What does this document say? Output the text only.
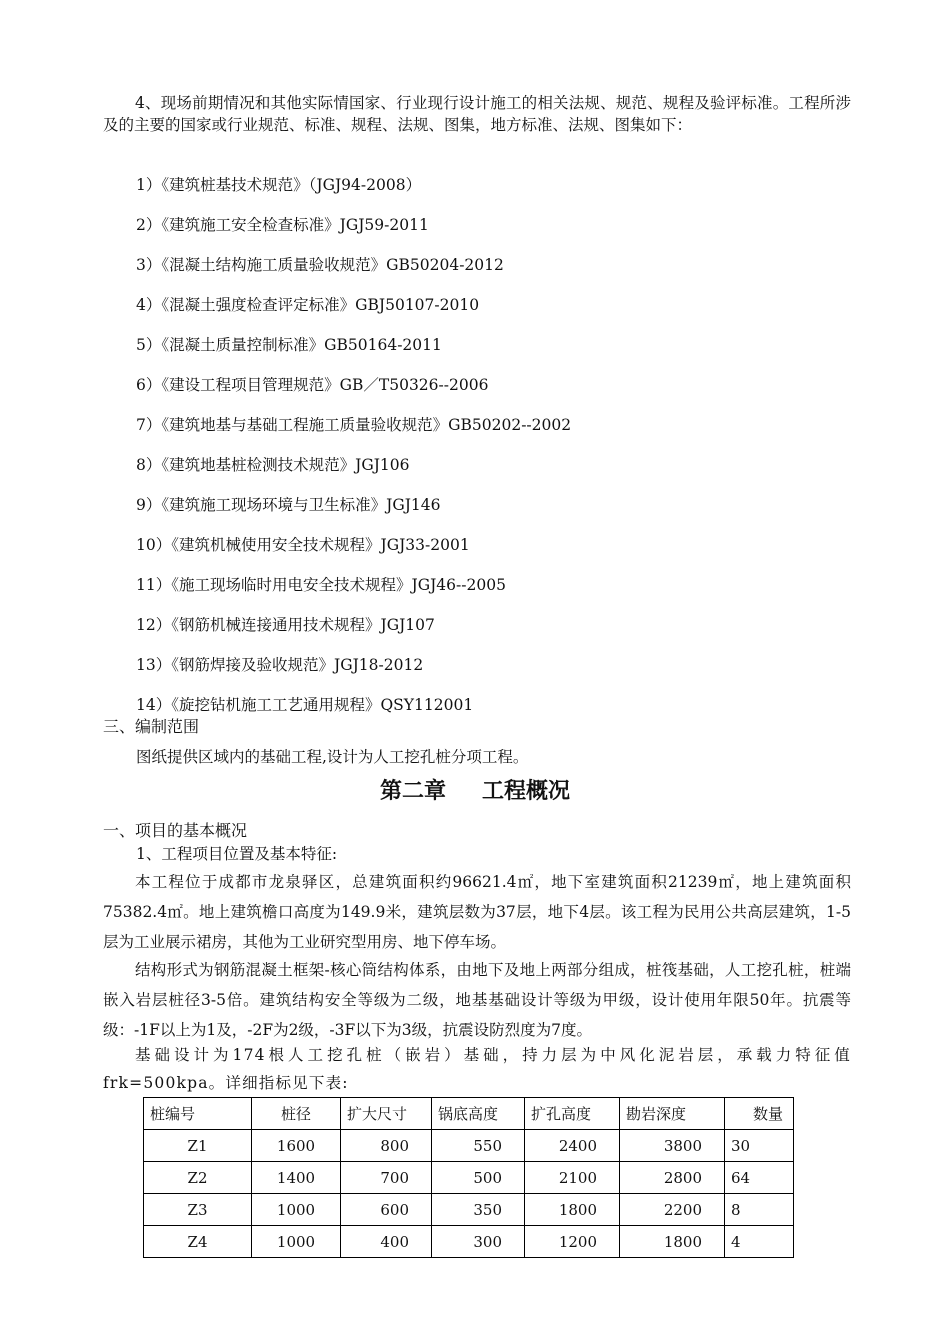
4、现场前期情况和其他实际情国家、行业现行设计施工的相关法规、规范、规程及验评标准。工程所涉及的主要的国家或行业规范、标准、规程、法规、图集，地方标准、法规、图集如下：
1）《建筑桩基技术规范》（JGJ94-2008）
2）《建筑施工安全检查标准》JGJ59-2011
3）《混凝土结构施工质量验收规范》GB50204-2012
4）《混凝土强度检查评定标准》GBJ50107-2010
5）《混凝土质量控制标准》GB50164-2011
6）《建设工程项目管理规范》GB／T50326--2006
7）《建筑地基与基础工程施工质量验收规范》GB50202--2002
8）《建筑地基桩检测技术规范》JGJ106
9）《建筑施工现场环境与卫生标准》JGJ146
10）《建筑机械使用安全技术规程》JGJ33-2001
11）《施工现场临时用电安全技术规程》JGJ46--2005
12）《钢筋机械连接通用技术规程》JGJ107
13）《钢筋焊接及验收规范》JGJ18-2012
14）《旋挖钻机施工工艺通用规程》QSY112001
三、编制范围
图纸提供区域内的基础工程,设计为人工挖孔桩分项工程。
第二章 工程概况
一、项目的基本概况
1、工程项目位置及基本特征:
本工程位于成都市龙泉驿区，总建筑面积约96621.4㎡，地下室建筑面积21239㎡，地上建筑面积75382.4㎡。地上建筑檐口高度为149.9米，建筑层数为37层，地下4层。该工程为民用公共高层建筑，1-5层为工业展示裙房，其他为工业研究型用房、地下停车场。
结构形式为钢筋混凝土框架-核心筒结构体系，由地下及地上两部分组成，桩筏基础，人工挖孔桩，桩端嵌入岩层桩径3-5倍。建筑结构安全等级为二级，地基基础设计等级为甲级，设计使用年限50年。抗震等级：-1F以上为1及，-2F为2级，-3F以下为3级，抗震设防烈度为7度。
基础设计为174根人工挖孔桩（嵌岩）基础，持力层为中风化泥岩层，承载力特征值frk=500kpa。详细指标见下表:
桩编号	桩径	扩大尺寸	锅底高度	扩孔高度	勘岩深度	数量
Z1	1600	800	550	2400	3800	30
Z2	1400	700	500	2100	2800	64
Z3	1000	600	350	1800	2200	8
Z4	1000	400	300	1200	1800	4
